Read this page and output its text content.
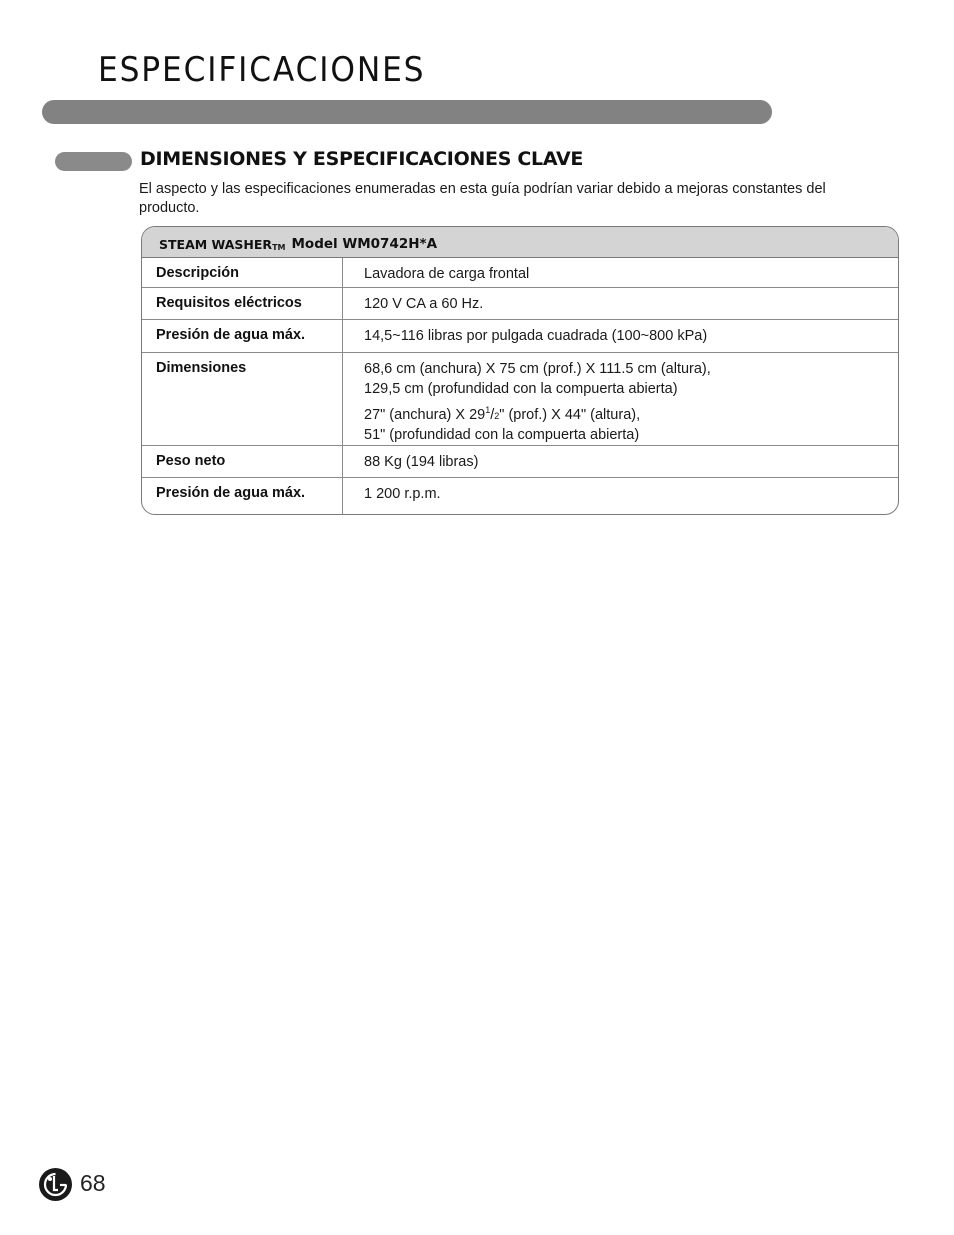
ESPECIFICACIONES
DIMENSIONES Y ESPECIFICACIONES CLAVE
El aspecto y las especificaciones enumeradas en esta guía podrían variar debido a mejoras constantes del producto.
STEAM WASHER TM Model WM0742H*A
Descripción	Lavadora de carga frontal
Requisitos eléctricos	120 V CA a 60 Hz.
Presión de agua máx.	14,5~116 libras por pulgada cuadrada (100~800 kPa)
Dimensiones	68,6 cm (anchura) X 75 cm (prof.) X 111.5 cm (altura),
129,5 cm (profundidad con la compuerta abierta)
27" (anchura) X $29^1/2$" (prof.) X 44" (altura),
51" (profundidad con la compuerta abierta)
Peso neto	88 Kg (194 libras)
Presión de agua máx.	1 200 r.p.m.
68
